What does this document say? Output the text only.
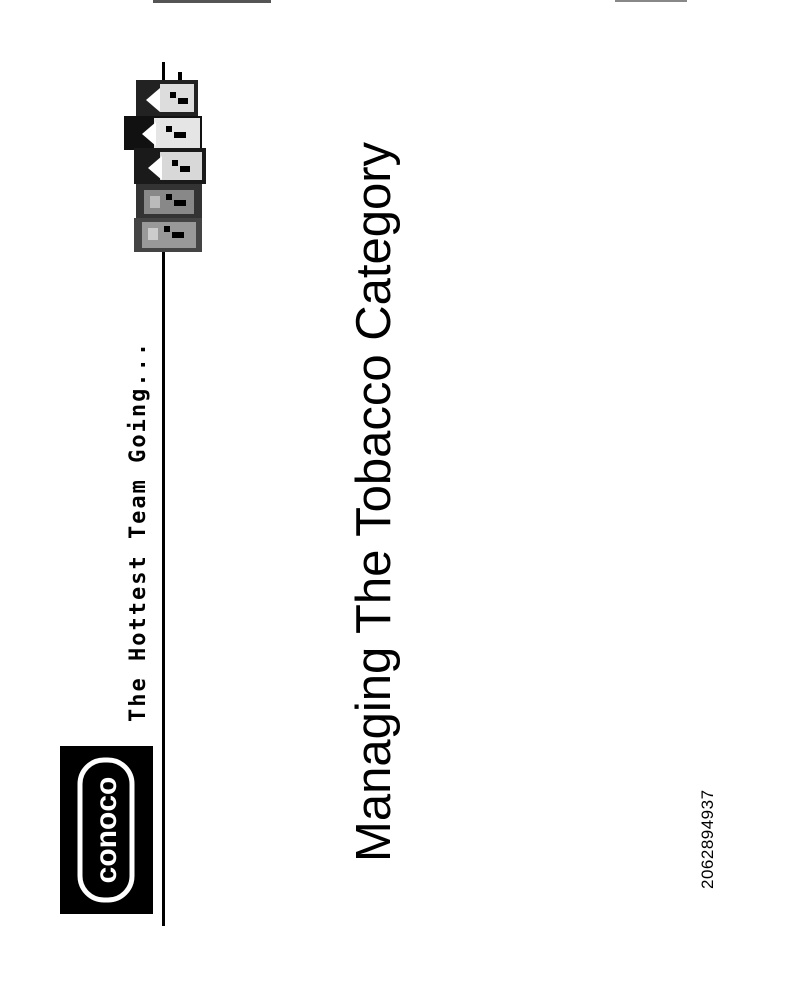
conoco
The Hottest Team Going...	Managing The Tobacco Category	2062894937
